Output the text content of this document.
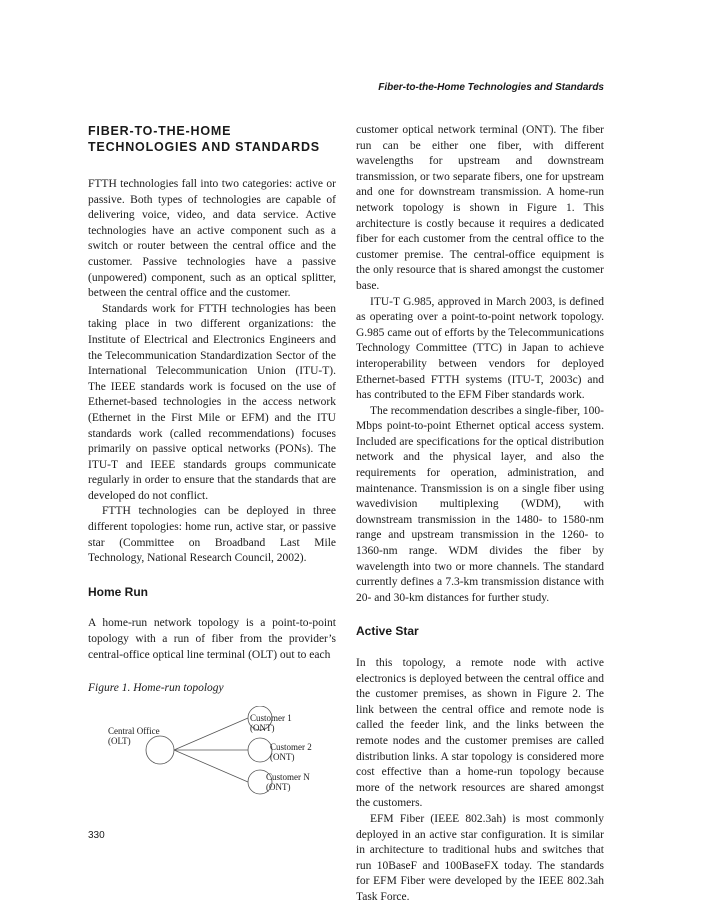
Fiber-to-the-Home Technologies and Standards
FIBER-TO-THE-HOME
TECHNOLOGIES AND STANDARDS

FTTH technologies fall into two categories: active or passive. Both types of technologies are capable of delivering voice, video, and data service. Active technologies have an active component such as a switch or router between the central office and the customer. Passive technologies have a passive (unpowered) component, such as an optical splitter, between the central office and the customer.

Standards work for FTTH technologies has been taking place in two different organizations: the Institute of Electrical and Electronics Engineers and the Telecommunication Standardization Sector of the International Telecommunication Union (ITU-T). The IEEE standards work is focused on the use of Ethernet-based technologies in the access network (Ethernet in the First Mile or EFM) and the ITU standards work (called recommendations) focuses primarily on passive optical networks (PONs). The ITU-T and IEEE standards groups communicate regularly in order to ensure that the standards that are developed do not conflict.

FTTH technologies can be deployed in three different topologies: home run, active star, or passive star (Committee on Broadband Last Mile Technology, National Research Council, 2002).

Home Run

A home-run network topology is a point-to-point topology with a run of fiber from the provider’s central-office optical line terminal (OLT) out to each

Figure 1. Home-run topology
Central Office
(OLT)
Customer 1
(ONT)
Customer 2
(ONT)
Customer N
(ONT)

customer optical network terminal (ONT). The fiber run can be either one fiber, with different wavelengths for upstream and downstream transmission, or two separate fibers, one for upstream and one for downstream transmission. A home-run network topology is shown in Figure 1. This architecture is costly because it requires a dedicated fiber for each customer from the central office to the customer premise. The central-office equipment is the only resource that is shared amongst the customer base.

ITU-T G.985, approved in March 2003, is defined as operating over a point-to-point network topology. G.985 came out of efforts by the Telecommunications Technology Committee (TTC) in Japan to achieve interoperability between vendors for deployed Ethernet-based FTTH systems (ITU-T, 2003c) and has contributed to the EFM Fiber standards work.

The recommendation describes a single-fiber, 100-Mbps point-to-point Ethernet optical access system. Included are specifications for the optical distribution network and the physical layer, and also the requirements for operation, administration, and maintenance. Transmission is on a single fiber using wavedivision multiplexing (WDM), with downstream transmission in the 1480- to 1580-nm range and upstream transmission in the 1260- to 1360-nm range. WDM divides the fiber by wavelength into two or more channels. The standard currently defines a 7.3-km transmission distance with 20- and 30-km distances for further study.

Active Star

In this topology, a remote node with active electronics is deployed between the central office and the customer premises, as shown in Figure 2. The link between the central office and remote node is called the feeder link, and the links between the remote nodes and the customer premises are called distribution links. A star topology is considered more cost effective than a home-run topology because more of the network resources are shared amongst the customers.

EFM Fiber (IEEE 802.3ah) is most commonly deployed in an active star configuration. It is similar in architecture to traditional hubs and switches that run 10BaseF and 100BaseFX today. The standards for EFM Fiber were developed by the IEEE 802.3ah Task Force.

330
